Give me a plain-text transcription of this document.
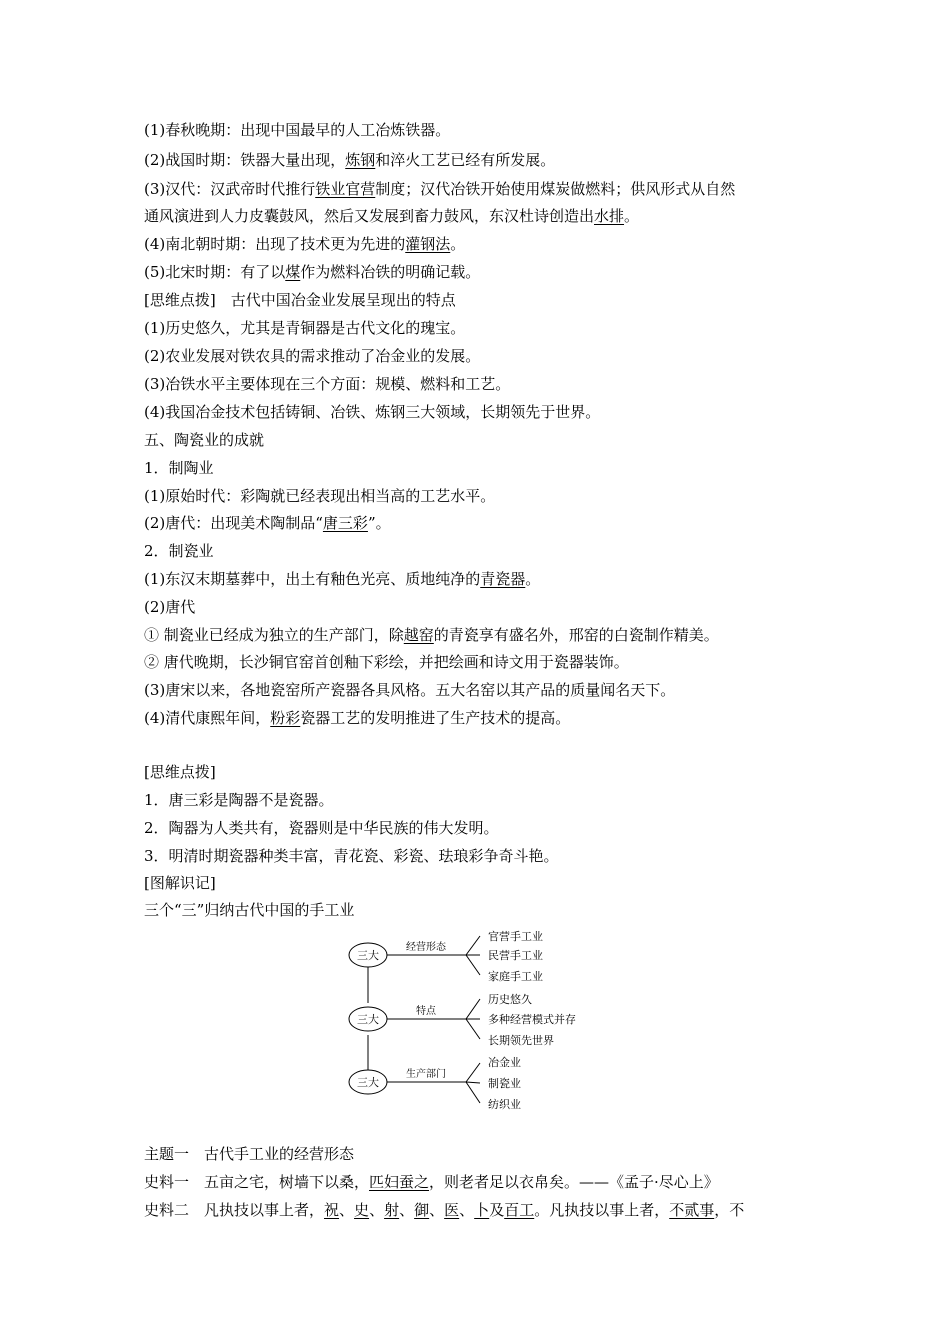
(1)春秋晚期：出现中国最早的人工冶炼铁器。
(2)战国时期：铁器大量出现，炼钢和淬火工艺已经有所发展。
(3)汉代：汉武帝时代推行铁业官营制度；汉代冶铁开始使用煤炭做燃料；供风形式从自然
通风演进到人力皮囊鼓风，然后又发展到畜力鼓风，东汉杜诗创造出水排。
(4)南北朝时期：出现了技术更为先进的灌钢法。
(5)北宋时期：有了以煤作为燃料冶铁的明确记载。
[思维点拨]　古代中国冶金业发展呈现出的特点
(1)历史悠久，尤其是青铜器是古代文化的瑰宝。
(2)农业发展对铁农具的需求推动了冶金业的发展。
(3)冶铁水平主要体现在三个方面：规模、燃料和工艺。
(4)我国冶金技术包括铸铜、冶铁、炼钢三大领域，长期领先于世界。
五、陶瓷业的成就
1．制陶业
(1)原始时代：彩陶就已经表现出相当高的工艺水平。
(2)唐代：出现美术陶制品“唐三彩”。
2．制瓷业
(1)东汉末期墓葬中，出土有釉色光亮、质地纯净的青瓷器。
(2)唐代
① 制瓷业已经成为独立的生产部门，除越窑的青瓷享有盛名外，邢窑的白瓷制作精美。
② 唐代晚期，长沙铜官窑首创釉下彩绘，并把绘画和诗文用于瓷器装饰。
(3)唐宋以来，各地瓷窑所产瓷器各具风格。五大名窑以其产品的质量闻名天下。
(4)清代康熙年间，粉彩瓷器工艺的发明推进了生产技术的提高。
[思维点拨]
1．唐三彩是陶器不是瓷器。
2．陶器为人类共有，瓷器则是中华民族的伟大发明。
3．明清时期瓷器种类丰富，青花瓷、彩瓷、珐琅彩争奇斗艳。
[图解识记]
三个“三”归纳古代中国的手工业
三大
经营形态
官营手工业
民营手工业
家庭手工业
三大
特点
历史悠久
多种经营模式并存
长期领先世界
三大
生产部门
冶金业
制瓷业
纺织业
主题一　古代手工业的经营形态
史料一　五亩之宅，树墙下以桑，匹妇蚕之，则老者足以衣帛矣。——《孟子·尽心上》
史料二　凡执技以事上者，祝、史、射、御、医、卜及百工。凡执技以事上者，不贰事，不
